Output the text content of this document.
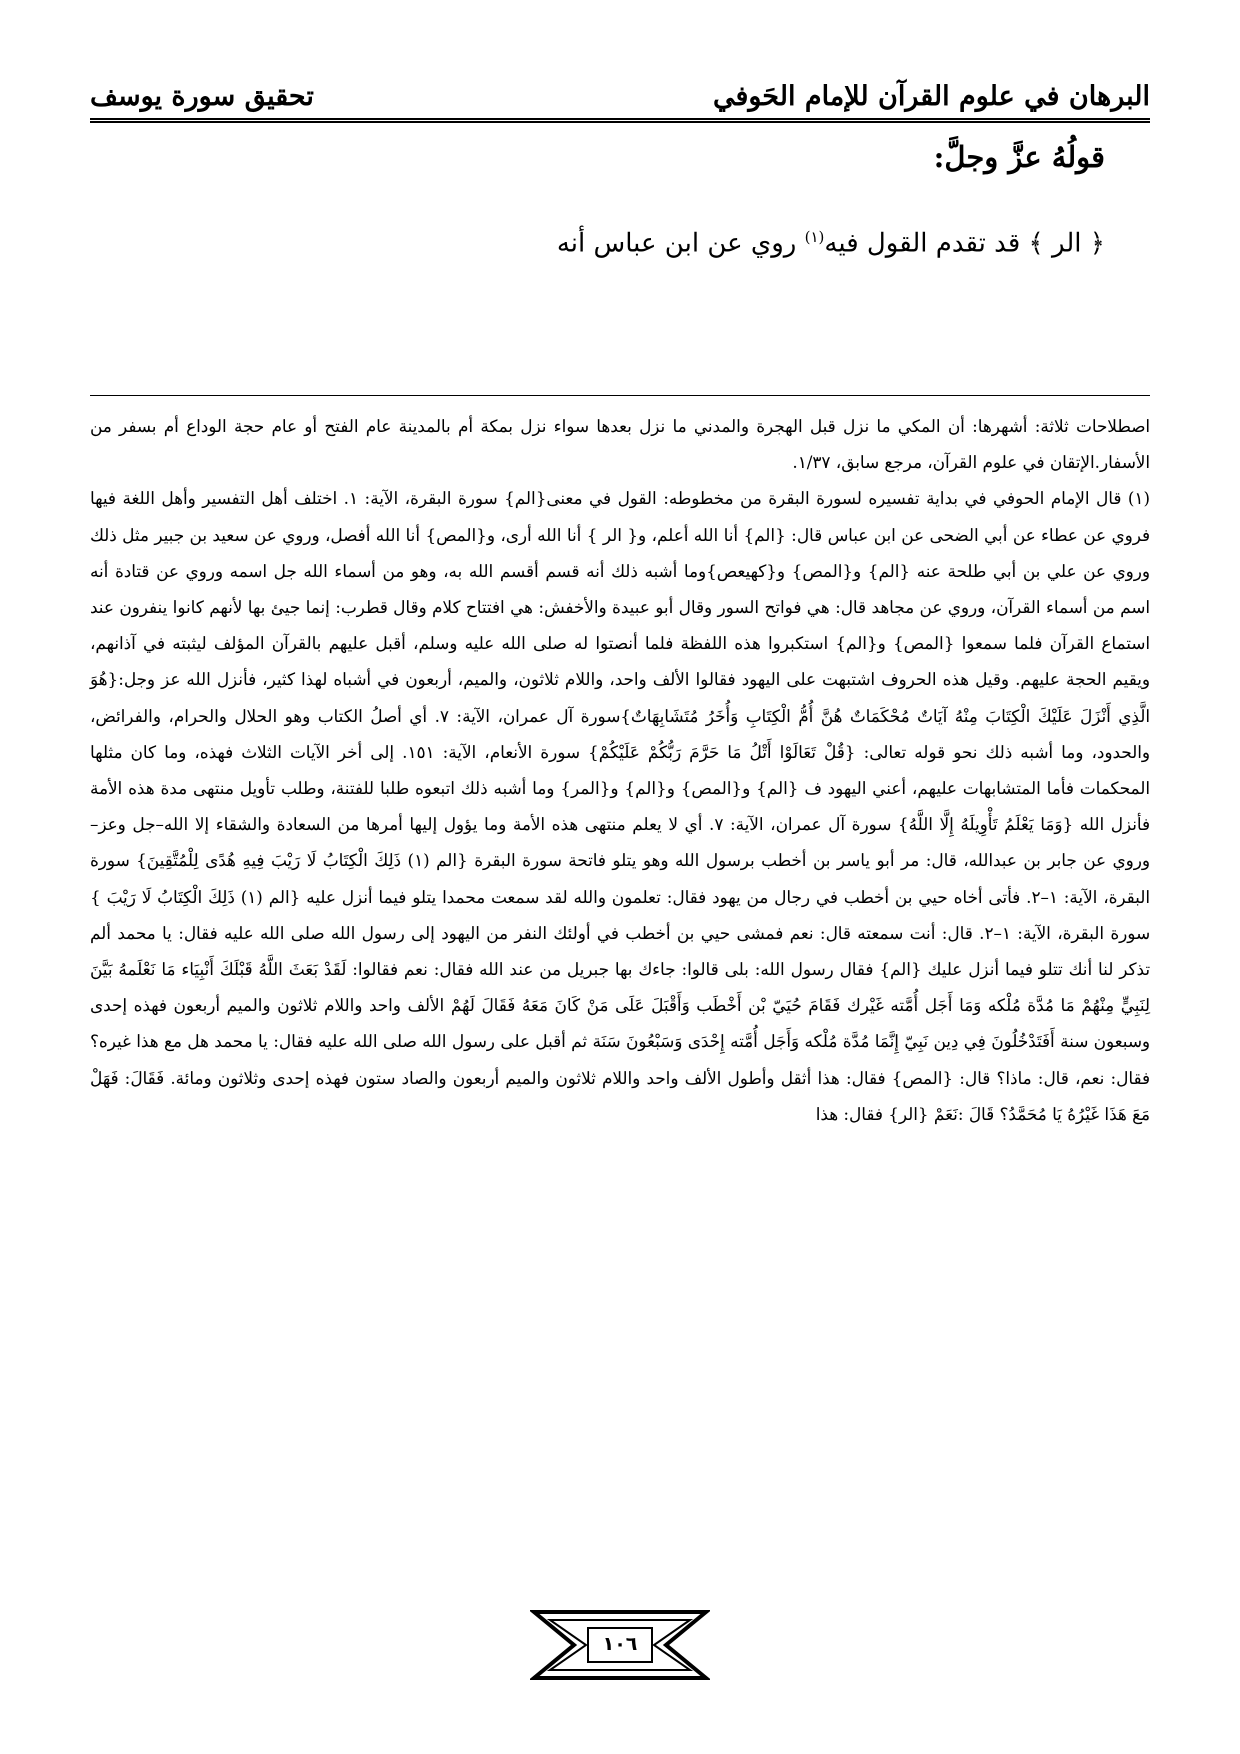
البرهان في علوم القرآن للإمام الحَوفي
تحقيق سورة يوسف
قولُهُ عزَّ وجلَّ:
﴿ الر ﴾ قد تقدم القول فيه$^{(١)}$ روي عن ابن عباس أنه

اصطلاحات ثلاثة: أشهرها: أن المكي ما نزل قبل الهجرة والمدني ما نزل بعدها سواء نزل بمكة أم بالمدينة عام الفتح أو عام حجة الوداع أم بسفر من الأسفار.الإتقان في علوم القرآن، مرجع سابق، ١/٣٧.

(١) قال الإمام الحوفي في بداية تفسيره لسورة البقرة من مخطوطه: القول في معنى{الم} سورة البقرة، الآية: ١. اختلف أهل التفسير وأهل اللغة فيها فروي عن عطاء عن أبي الضحى عن ابن عباس قال: {الم} أنا الله أعلم، و{ الر } أنا الله أرى، و{المص} أنا الله أفصل، وروي عن سعيد بن جبير مثل ذلك وروي عن علي بن أبي طلحة عنه {الم} و{المص} و{كهيعص}وما أشبه ذلك أنه قسم أقسم الله به، وهو من أسماء الله جل اسمه وروي عن قتادة أنه اسم من أسماء القرآن، وروي عن مجاهد قال: هي فواتح السور وقال أبو عبيدة والأخفش: هي افتتاح كلام وقال قطرب: إنما جيئ بها لأنهم كانوا ينفرون عند استماع القرآن فلما سمعوا {المص} و{الم} استكبروا هذه اللفظة فلما أنصتوا له صلى الله عليه وسلم، أقبل عليهم بالقرآن المؤلف ليثبته في آذانهم، ويقيم الحجة عليهم. وقيل هذه الحروف اشتبهت على اليهود فقالوا الألف واحد، واللام ثلاثون، والميم، أربعون في أشباه لهذا كثير، فأنزل الله عز وجل:{هُوَ الَّذِي أَنْزَلَ عَلَيْكَ الْكِتَابَ مِنْهُ آيَاتٌ مُحْكَمَاتٌ هُنَّ أُمُّ الْكِتَابِ وَأُخَرُ مُتَشَابِهَاتٌ}سورة آل عمران، الآية: ٧. أي أصلُ الكتاب وهو الحلال والحرام، والفرائض، والحدود، وما أشبه ذلك نحو قوله تعالى: {قُلْ تَعَالَوْا أَتْلُ مَا حَرَّمَ رَبُّكُمْ عَلَيْكُمْ} سورة الأنعام، الآية: ١٥١. إلى أخر الآيات الثلاث فهذه، وما كان مثلها المحكمات فأما المتشابهات عليهم، أعني اليهود ف {الم} و{المص} و{الم} و{المر} وما أشبه ذلك اتبعوه طلبا للفتنة، وطلب تأويل منتهى مدة هذه الأمة فأنزل الله {وَمَا يَعْلَمُ تَأْوِيلَهُ إِلَّا اللَّهُ} سورة آل عمران، الآية: ٧. أي لا يعلم منتهى هذه الأمة وما يؤول إليها أمرها من السعادة والشقاء إلا الله–جل وعز– وروي عن جابر بن عبدالله، قال: مر أبو ياسر بن أخطب برسول الله وهو يتلو فاتحة سورة البقرة {الم (١) ذَلِكَ الْكِتَابُ لَا رَيْبَ فِيهِ هُدًى لِلْمُتَّقِينَ} سورة البقرة، الآية: ١–٢. فأتى أخاه حيي بن أخطب في رجال من يهود فقال: تعلمون والله لقد سمعت محمدا يتلو فيما أنزل عليه {الم (١) ذَلِكَ الْكِتَابُ لَا رَيْبَ }سورة البقرة، الآية: ١–٢. قال: أنت سمعته قال: نعم فمشى حيي بن أخطب في أولئك النفر من اليهود إلى رسول الله صلى الله عليه فقال: يا محمد ألم تذكر لنا أنك تتلو فيما أنزل عليك {الم} فقال رسول الله: بلى قالوا: جاءك بها جبريل من عند الله فقال: نعم فقالوا: لَقَدْ بَعَثَ اللَّهُ قَبْلَكَ أَنْبِيَاء مَا نَعْلَمهُ بَيَّنَ لِنَبِيٍّ مِنْهُمْ مَا مُدَّة مُلْكه وَمَا أَجَل أُمَّته غَيْرك فَقَامَ حُيَيّ بْن أَخْطَب وَأَقْبَلَ عَلَى مَنْ كَانَ مَعَهُ فَقَالَ لَهُمْ الألف واحد واللام ثلاثون والميم أربعون فهذه إحدى وسبعون سنة أَفَتَدْخُلُونَ فِي دِين نَبِيّ إِنَّمَا مُدَّة مُلْكه وَأَجَل أُمَّته إِحْدَى وَسَبْعُونَ سَنَة ثم أقبل على رسول الله صلى الله عليه فقال: يا محمد هل مع هذا غيره؟ فقال: نعم، قال: ماذا؟ قال: {المص} فقال: هذا أثقل وأطول الألف واحد واللام ثلاثون والميم أربعون والصاد ستون فهذه إحدى وثلاثون ومائة. فَقَالَ: فَهَلْ مَعَ هَذَا غَيْرُهُ يَا مُحَمَّدُ؟ قَالَ :نَعَمْ {الر} فقال: هذا

١٠٦
